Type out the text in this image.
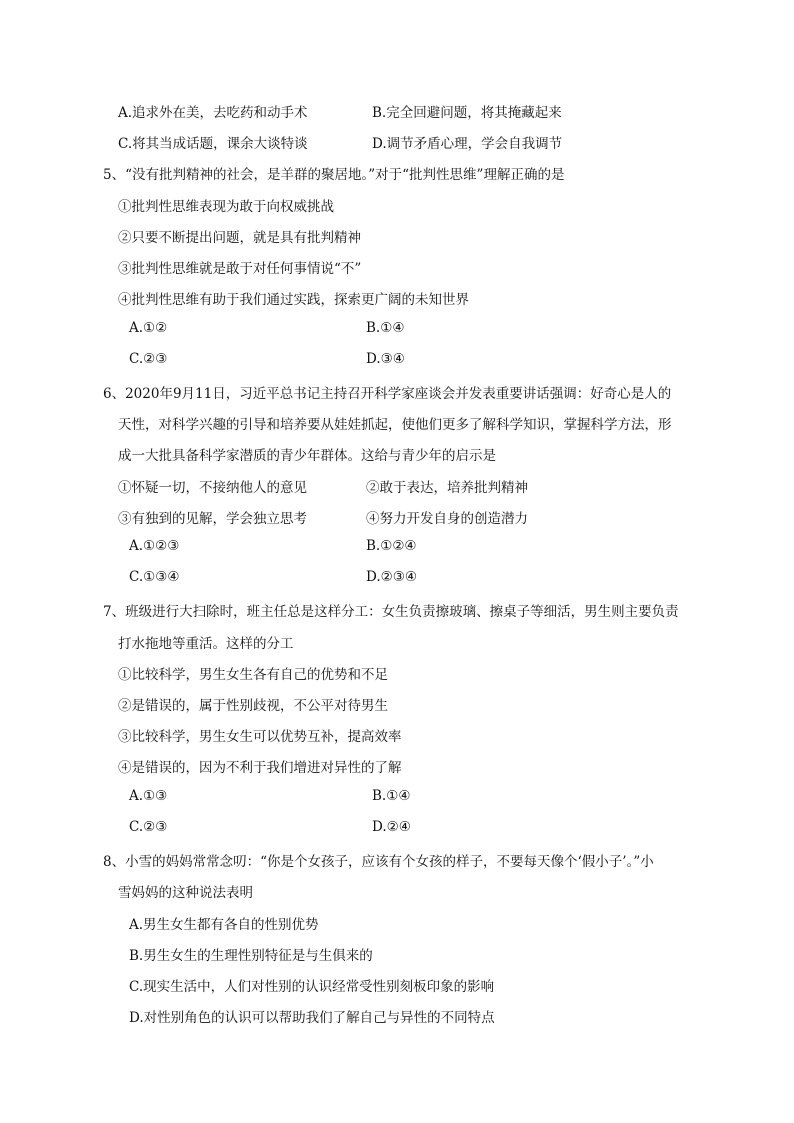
A.追求外在美，去吃药和动手术	B.完全回避问题，将其掩藏起来
C.将其当成话题，课余大谈特谈	D.调节矛盾心理，学会自我调节
5、“没有批判精神的社会，是羊群的聚居地。”对于“批判性思维”理解正确的是
①批判性思维表现为敢于向权威挑战
②只要不断提出问题，就是具有批判精神
③批判性思维就是敢于对任何事情说“不”
④批判性思维有助于我们通过实践，探索更广阔的未知世界
A.①②	B.①④
C.②③	D.③④
6、2020年9月11日，习近平总书记主持召开科学家座谈会并发表重要讲话强调：好奇心是人的
天性，对科学兴趣的引导和培养要从娃娃抓起，使他们更多了解科学知识，掌握科学方法，形
成一大批具备科学家潜质的青少年群体。这给与青少年的启示是
①怀疑一切，不接纳他人的意见	②敢于表达，培养批判精神
③有独到的见解，学会独立思考	④努力开发自身的创造潜力
A.①②③	B.①②④
C.①③④	D.②③④
7、班级进行大扫除时，班主任总是这样分工：女生负责擦玻璃、擦桌子等细活，男生则主要负责
打水拖地等重活。这样的分工
①比较科学，男生女生各有自己的优势和不足
②是错误的，属于性别歧视，不公平对待男生
③比较科学，男生女生可以优势互补，提高效率
④是错误的，因为不利于我们增进对异性的了解
A.①③	B.①④
C.②③	D.②④
8、小雪的妈妈常常念叨：“你是个女孩子，应该有个女孩的样子，不要每天像个‘假小子’。”小
雪妈妈的这种说法表明
A.男生女生都有各自的性别优势
B.男生女生的生理性别特征是与生俱来的
C.现实生活中，人们对性别的认识经常受性别刻板印象的影响
D.对性别角色的认识可以帮助我们了解自己与异性的不同特点
